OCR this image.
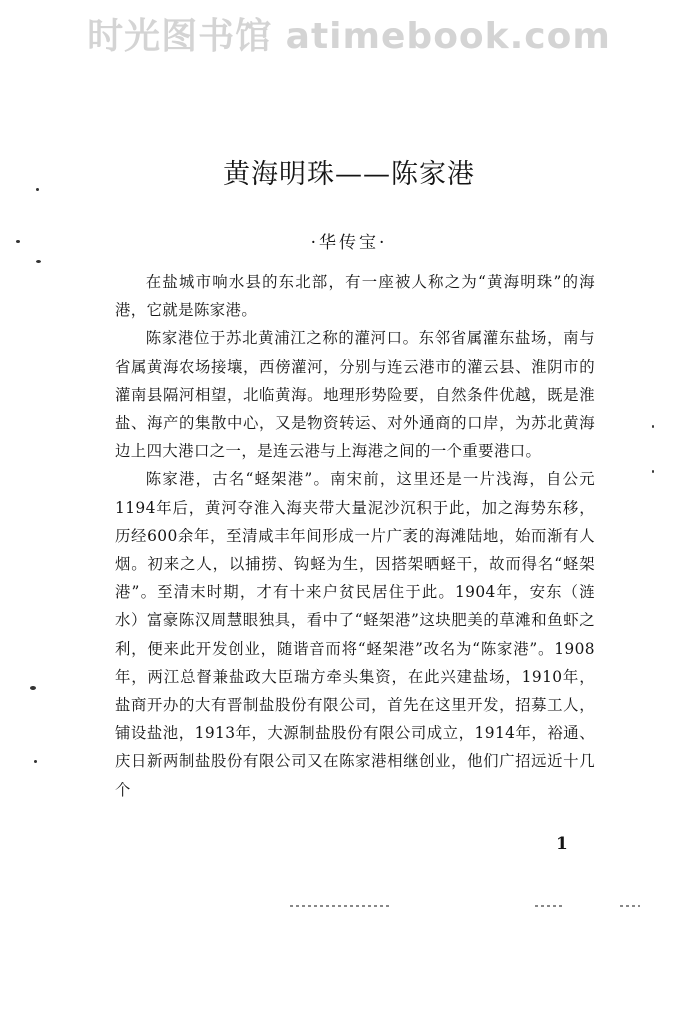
时光图书馆 atimebook.com
黄海明珠——陈家港
·华传宝·

在盐城市响水县的东北部，有一座被人称之为“黄海明珠”的海港，它就是陈家港。

陈家港位于苏北黄浦江之称的灌河口。东邻省属灌东盐场，南与省属黄海农场接壤，西傍灌河，分别与连云港市的灌云县、淮阴市的灌南县隔河相望，北临黄海。地理形势险要，自然条件优越，既是淮盐、海产的集散中心，又是物资转运、对外通商的口岸，为苏北黄海边上四大港口之一，是连云港与上海港之间的一个重要港口。

陈家港，古名“蛏架港”。南宋前，这里还是一片浅海，自公元1194年后，黄河夺淮入海夹带大量泥沙沉积于此，加之海势东移，历经600余年，至清咸丰年间形成一片广袤的海滩陆地，始而渐有人烟。初来之人，以捕捞、钩蛏为生，因搭架晒蛏干，故而得名“蛏架港”。至清末时期，才有十来户贫民居住于此。1904年，安东（涟水）富豪陈汉周慧眼独具，看中了“蛏架港”这块肥美的草滩和鱼虾之利，便来此开发创业，随谐音而将“蛏架港”改名为“陈家港”。1908年，两江总督兼盐政大臣瑞方牵头集资，在此兴建盐场，1910年，盐商开办的大有晋制盐股份有限公司，首先在这里开发，招募工人，铺设盐池，1913年，大源制盐股份有限公司成立，1914年，裕通、庆日新两制盐股份有限公司又在陈家港相继创业，他们广招远近十几个

1
